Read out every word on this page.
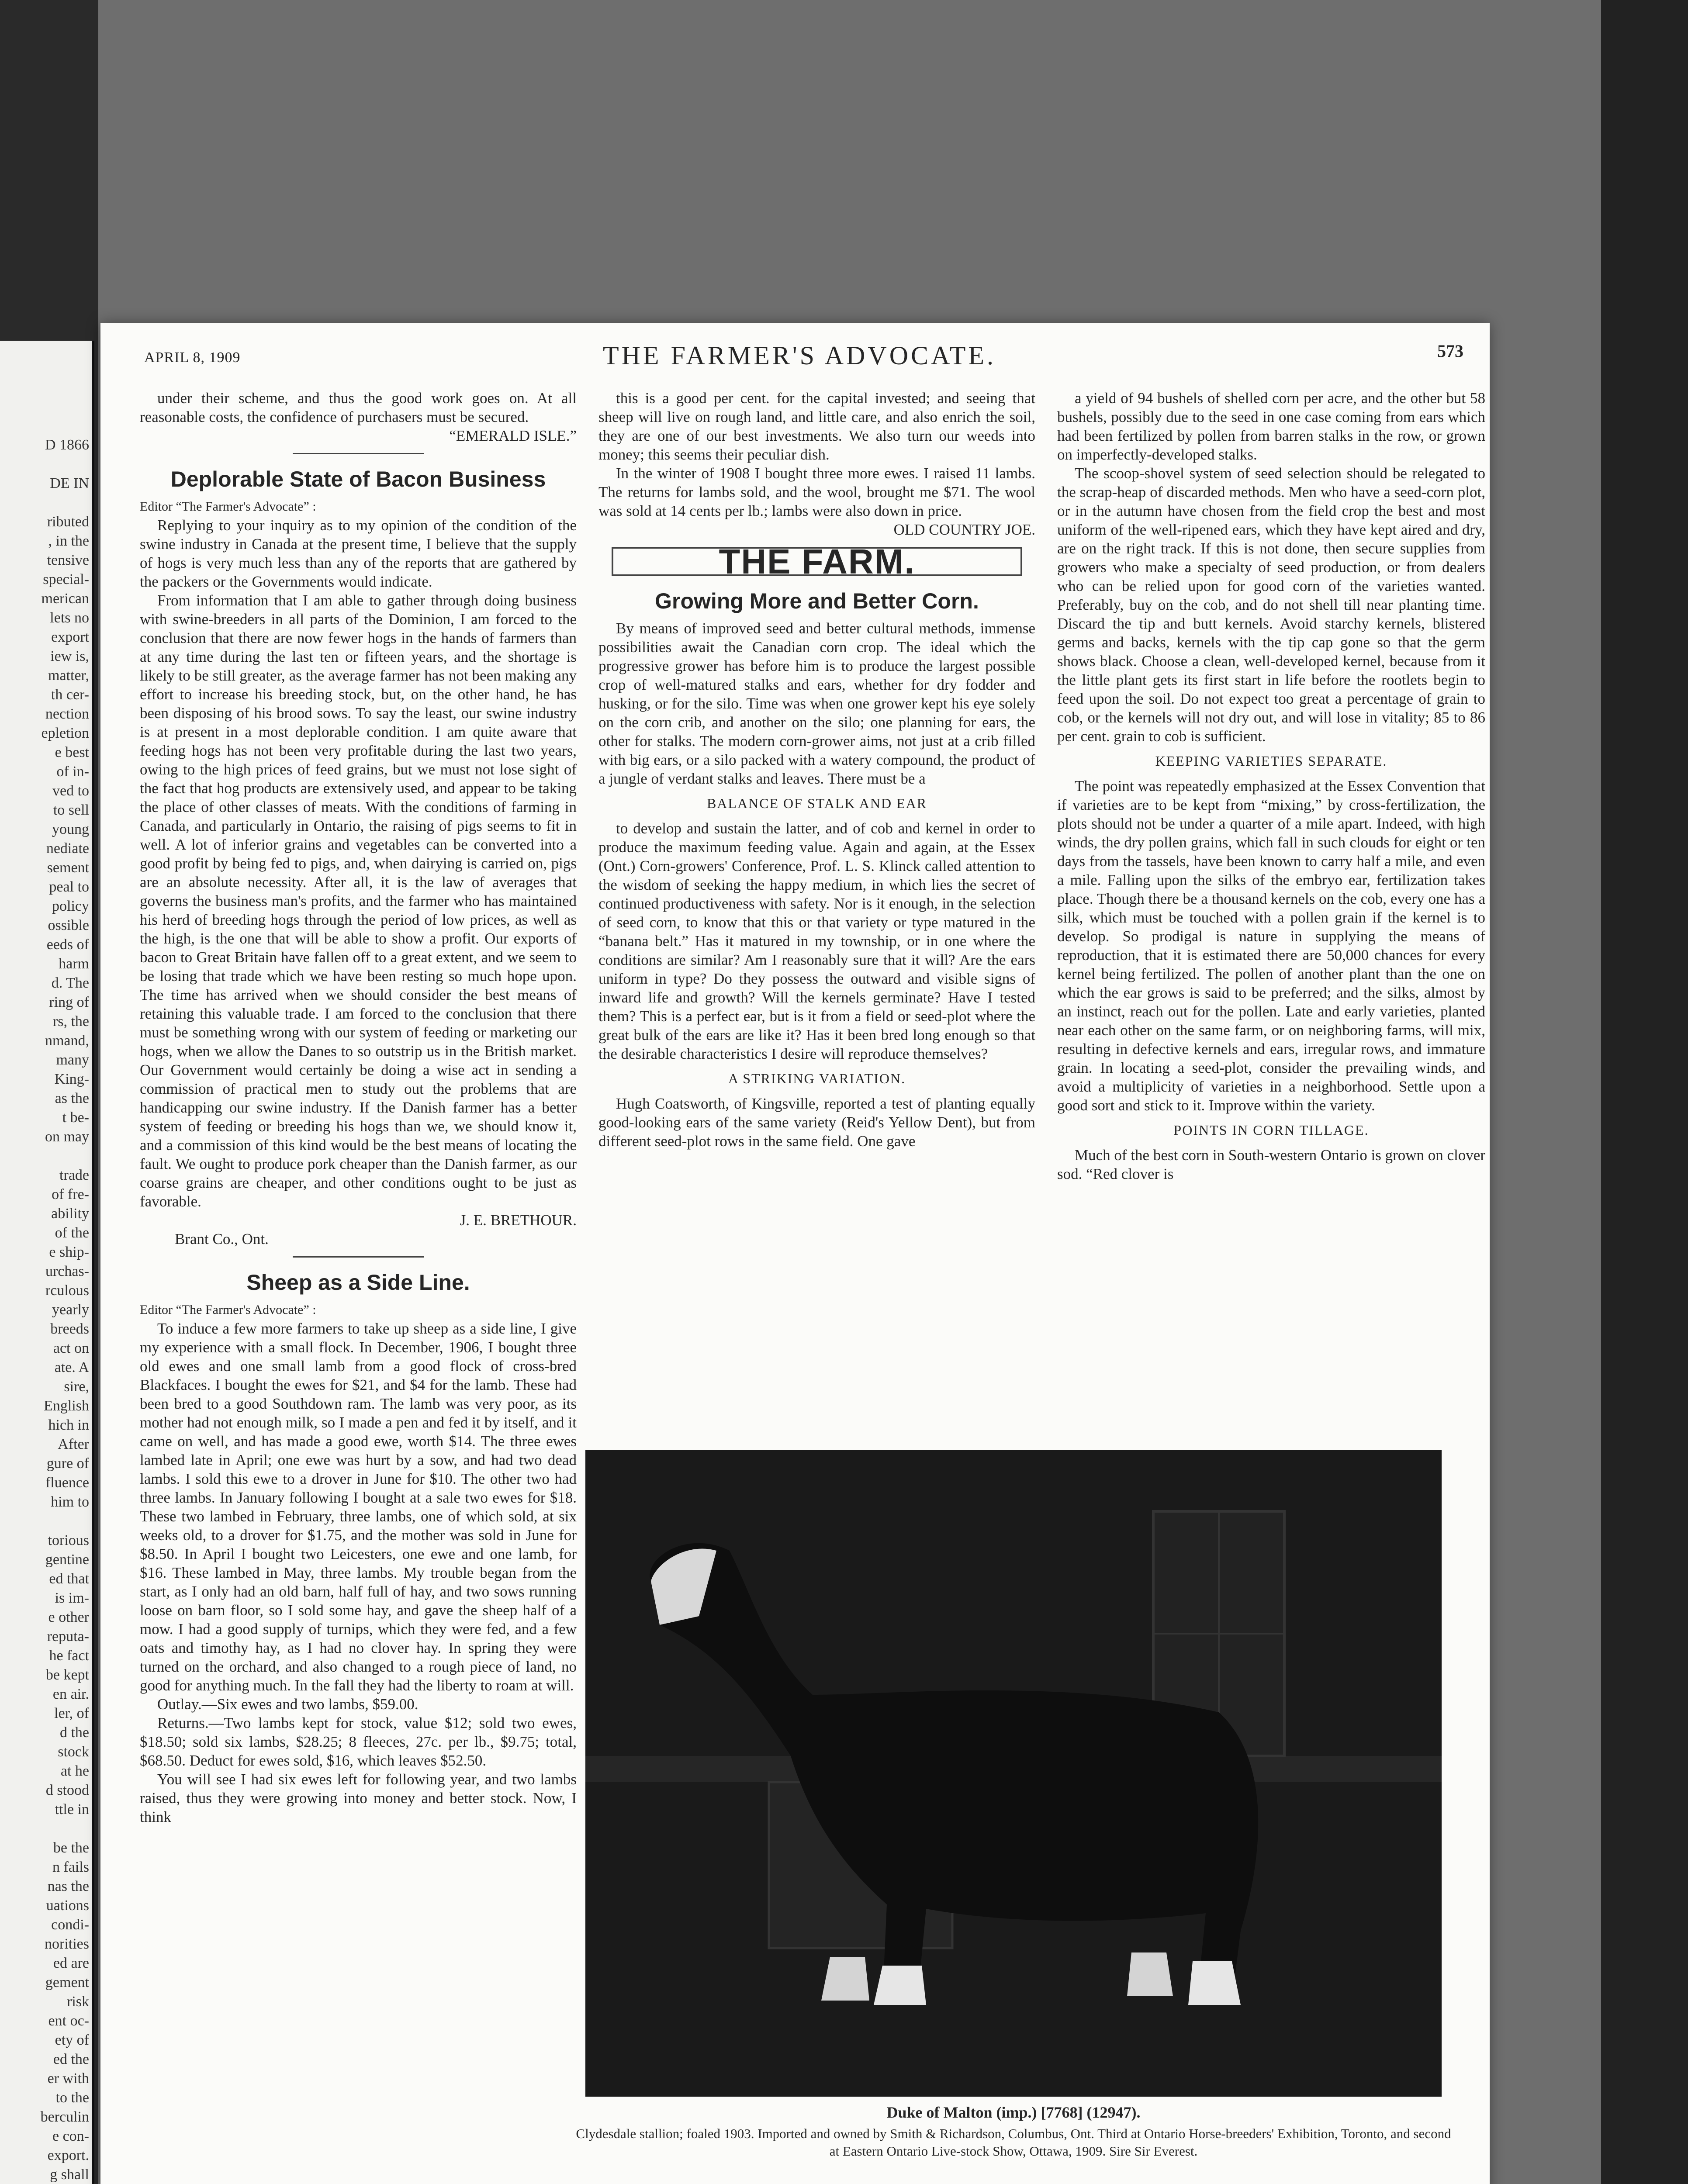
D 1866
DE IN
ributed
, in the
tensive
special-
merican
lets no
export
iew is,
matter,
th cer-
nection
epletion
e best
of in-
ved to
to sell
young
nediate
sement
peal to
policy
ossible
eeds of
harm
d. The
ring of
rs, the
nmand,
many
King-
as the
t be-
on may
trade
of fre-
ability
of the
e ship-
urchas-
rculous
yearly
breeds
act on
ate. A
sire,
English
hich in
After
gure of
fluence
him to
torious
gentine
ed that
is im-
e other
reputa-
he fact
be kept
en air.
ler, of
d the
stock
at he
d stood
ttle in
be the
n fails
nas the
uations
condi-
norities
ed are
gement
risk
ent oc-
ety of
ed the
er with
to the
berculin
e con-
export.
g shall
APRIL 8, 1909	THE FARMER'S ADVOCATE.	573

under their scheme, and thus the good work goes on. At all reasonable costs, the confidence of purchasers must be secured.

“EMERALD ISLE.”

Deplorable State of Bacon Business

Editor “The Farmer's Advocate” :

Replying to your inquiry as to my opinion of the condition of the swine industry in Canada at the present time, I believe that the supply of hogs is very much less than any of the reports that are gathered by the packers or the Governments would indicate.

From information that I am able to gather through doing business with swine-breeders in all parts of the Dominion, I am forced to the conclusion that there are now fewer hogs in the hands of farmers than at any time during the last ten or fifteen years, and the shortage is likely to be still greater, as the average farmer has not been making any effort to increase his breeding stock, but, on the other hand, he has been disposing of his brood sows. To say the least, our swine industry is at present in a most deplorable condition. I am quite aware that feeding hogs has not been very profitable during the last two years, owing to the high prices of feed grains, but we must not lose sight of the fact that hog products are extensively used, and appear to be taking the place of other classes of meats. With the conditions of farming in Canada, and particularly in Ontario, the raising of pigs seems to fit in well. A lot of inferior grains and vegetables can be converted into a good profit by being fed to pigs, and, when dairying is carried on, pigs are an absolute necessity. After all, it is the law of averages that governs the business man's profits, and the farmer who has maintained his herd of breeding hogs through the period of low prices, as well as the high, is the one that will be able to show a profit. Our exports of bacon to Great Britain have fallen off to a great extent, and we seem to be losing that trade which we have been resting so much hope upon. The time has arrived when we should consider the best means of retaining this valuable trade. I am forced to the conclusion that there must be something wrong with our system of feeding or marketing our hogs, when we allow the Danes to so outstrip us in the British market. Our Government would certainly be doing a wise act in sending a commission of practical men to study out the problems that are handicapping our swine industry. If the Danish farmer has a better system of feeding or breeding his hogs than we, we should know it, and a commission of this kind would be the best means of locating the fault. We ought to produce pork cheaper than the Danish farmer, as our coarse grains are cheaper, and other conditions ought to be just as favorable.

J. E. BRETHOUR.

Brant Co., Ont.

Sheep as a Side Line.

Editor “The Farmer's Advocate” :

To induce a few more farmers to take up sheep as a side line, I give my experience with a small flock. In December, 1906, I bought three old ewes and one small lamb from a good flock of cross-bred Blackfaces. I bought the ewes for $21, and $4 for the lamb. These had been bred to a good Southdown ram. The lamb was very poor, as its mother had not enough milk, so I made a pen and fed it by itself, and it came on well, and has made a good ewe, worth $14. The three ewes lambed late in April; one ewe was hurt by a sow, and had two dead lambs. I sold this ewe to a drover in June for $10. The other two had three lambs. In January following I bought at a sale two ewes for $18. These two lambed in February, three lambs, one of which sold, at six weeks old, to a drover for $1.75, and the mother was sold in June for $8.50. In April I bought two Leicesters, one ewe and one lamb, for $16. These lambed in May, three lambs. My trouble began from the start, as I only had an old barn, half full of hay, and two sows running loose on barn floor, so I sold some hay, and gave the sheep half of a mow. I had a good supply of turnips, which they were fed, and a few oats and timothy hay, as I had no clover hay. In spring they were turned on the orchard, and also changed to a rough piece of land, no good for anything much. In the fall they had the liberty to roam at will.

Outlay.—Six ewes and two lambs, $59.00.

Returns.—Two lambs kept for stock, value $12; sold two ewes, $18.50; sold six lambs, $28.25; 8 fleeces, 27c. per lb., $9.75; total, $68.50. Deduct for ewes sold, $16, which leaves $52.50.

You will see I had six ewes left for following year, and two lambs raised, thus they were growing into money and better stock. Now, I think

this is a good per cent. for the capital invested; and seeing that sheep will live on rough land, and little care, and also enrich the soil, they are one of our best investments. We also turn our weeds into money; this seems their peculiar dish.

In the winter of 1908 I bought three more ewes. I raised 11 lambs. The returns for lambs sold, and the wool, brought me $71. The wool was sold at 14 cents per lb.; lambs were also down in price.

OLD COUNTRY JOE.

THE FARM.
Growing More and Better Corn.

By means of improved seed and better cultural methods, immense possibilities await the Canadian corn crop. The ideal which the progressive grower has before him is to produce the largest possible crop of well-matured stalks and ears, whether for dry fodder and husking, or for the silo. Time was when one grower kept his eye solely on the corn crib, and another on the silo; one planning for ears, the other for stalks. The modern corn-grower aims, not just at a crib filled with big ears, or a silo packed with a watery compound, the product of a jungle of verdant stalks and leaves. There must be a

BALANCE OF STALK AND EAR

to develop and sustain the latter, and of cob and kernel in order to produce the maximum feeding value. Again and again, at the Essex (Ont.) Corn-growers' Conference, Prof. L. S. Klinck called attention to the wisdom of seeking the happy medium, in which lies the secret of continued productiveness with safety. Nor is it enough, in the selection of seed corn, to know that this or that variety or type matured in the “banana belt.” Has it matured in my township, or in one where the conditions are similar? Am I reasonably sure that it will? Are the ears uniform in type? Do they possess the outward and visible signs of inward life and growth? Will the kernels germinate? Have I tested them? This is a perfect ear, but is it from a field or seed-plot where the great bulk of the ears are like it? Has it been bred long enough so that the desirable characteristics I desire will reproduce themselves?

A STRIKING VARIATION.

Hugh Coatsworth, of Kingsville, reported a test of planting equally good-looking ears of the same variety (Reid's Yellow Dent), but from different seed-plot rows in the same field. One gave

a yield of 94 bushels of shelled corn per acre, and the other but 58 bushels, possibly due to the seed in one case coming from ears which had been fertilized by pollen from barren stalks in the row, or grown on imperfectly-developed stalks.

The scoop-shovel system of seed selection should be relegated to the scrap-heap of discarded methods. Men who have a seed-corn plot, or in the autumn have chosen from the field crop the best and most uniform of the well-ripened ears, which they have kept aired and dry, are on the right track. If this is not done, then secure supplies from growers who make a specialty of seed production, or from dealers who can be relied upon for good corn of the varieties wanted. Preferably, buy on the cob, and do not shell till near planting time. Discard the tip and butt kernels. Avoid starchy kernels, blistered germs and backs, kernels with the tip cap gone so that the germ shows black. Choose a clean, well-developed kernel, because from it the little plant gets its first start in life before the rootlets begin to feed upon the soil. Do not expect too great a percentage of grain to cob, or the kernels will not dry out, and will lose in vitality; 85 to 86 per cent. grain to cob is sufficient.

KEEPING VARIETIES SEPARATE.

The point was repeatedly emphasized at the Essex Convention that if varieties are to be kept from “mixing,” by cross-fertilization, the plots should not be under a quarter of a mile apart. Indeed, with high winds, the dry pollen grains, which fall in such clouds for eight or ten days from the tassels, have been known to carry half a mile, and even a mile. Falling upon the silks of the embryo ear, fertilization takes place. Though there be a thousand kernels on the cob, every one has a silk, which must be touched with a pollen grain if the kernel is to develop. So prodigal is nature in supplying the means of reproduction, that it is estimated there are 50,000 chances for every kernel being fertilized. The pollen of another plant than the one on which the ear grows is said to be preferred; and the silks, almost by an instinct, reach out for the pollen. Late and early varieties, planted near each other on the same farm, or on neighboring farms, will mix, resulting in defective kernels and ears, irregular rows, and immature grain. In locating a seed-plot, consider the prevailing winds, and avoid a multiplicity of varieties in a neighborhood. Settle upon a good sort and stick to it. Improve within the variety.

POINTS IN CORN TILLAGE.

Much of the best corn in South-western Ontario is grown on clover sod. “Red clover is

Duke of Malton (imp.) [7768] (12947).
Clydesdale stallion; foaled 1903. Imported and owned by Smith & Richardson, Columbus, Ont. Third at Ontario Horse-breeders' Exhibition, Toronto, and second at Eastern Ontario Live-stock Show, Ottawa, 1909. Sire Sir Everest.
